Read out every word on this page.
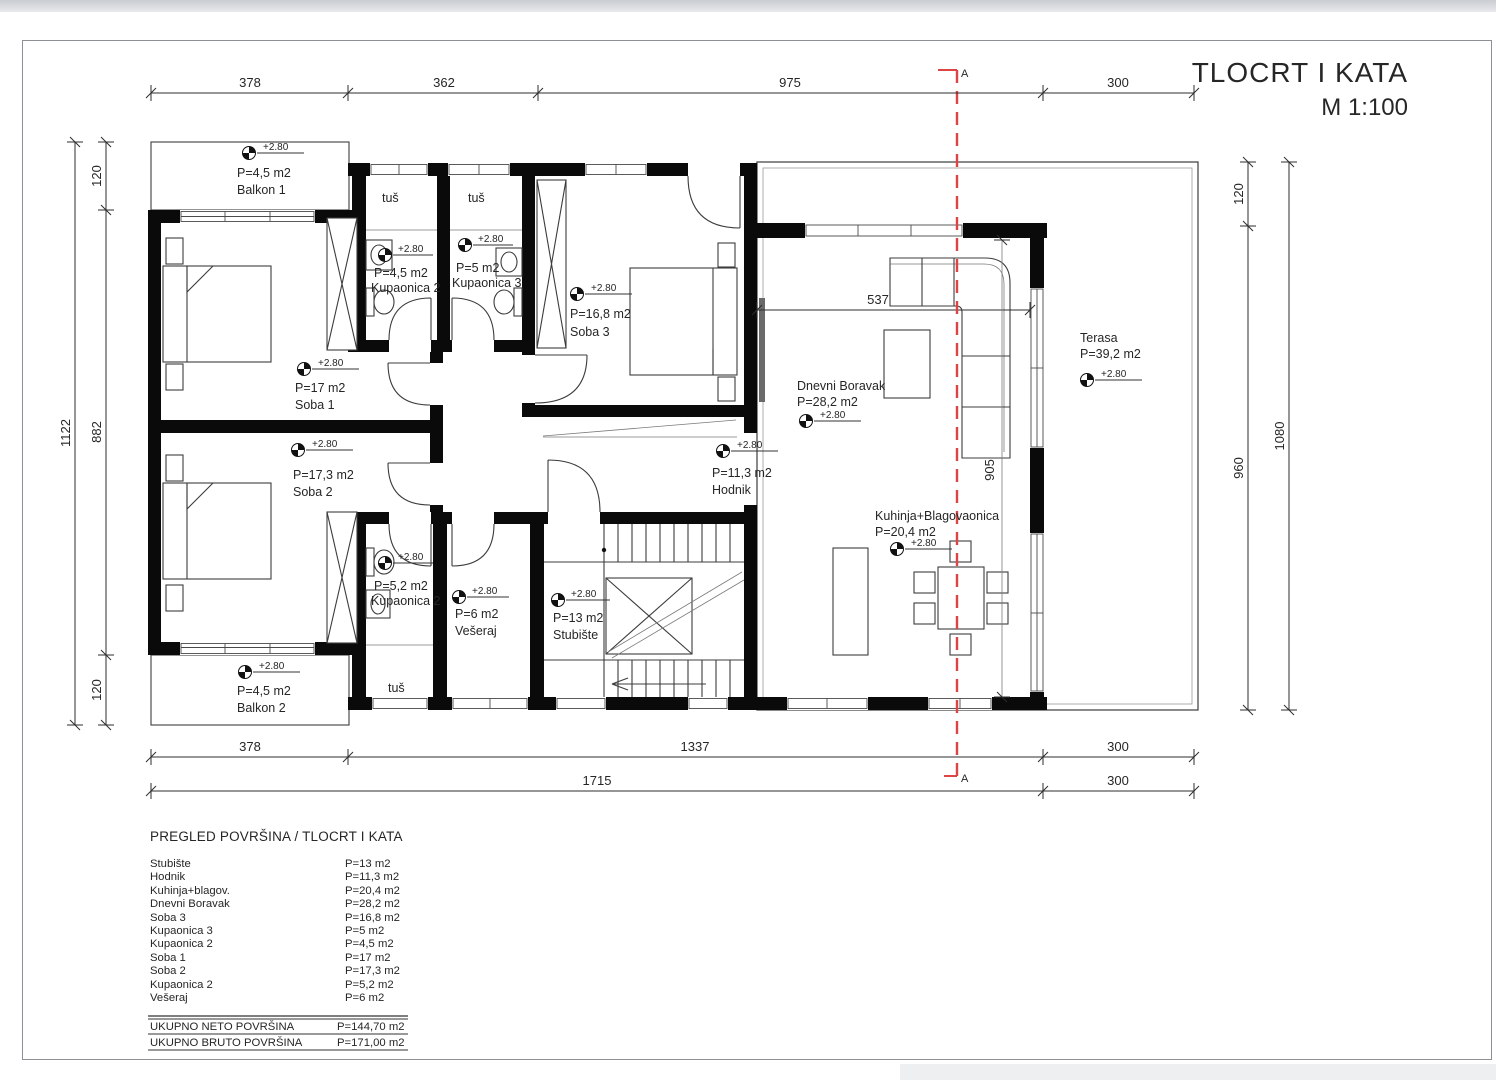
537
905
A
A
378	362	975	300
378	1337	300
1715	300
1122
120
882
120
120
960
1080
+2.80
+2.80
+2.80
+2.80
+2.80
+2.80	+2.80
+2.80
+2.80
+2.80
+2.80
+2.80	+2.80
+2.80
P=4,5 m2
Balkon 1
tuš
P=4,5 m2
Kupaonica 2
tuš
P=5 m2
Kupaonica 3
P=16,8 m2
Soba 3
P=17 m2
Soba 1
P=17,3 m2
Soba 2
P=11,3 m2
Hodnik
Dnevni Boravak
P=28,2 m2
Kuhinja+Blagovaonica
P=20,4 m2
Terasa
P=39,2 m2
P=5,2 m2
Kupaonica 2
tuš
P=6 m2
Vešeraj
P=13 m2
Stubište
P=4,5 m2
Balkon 2
TLOCRT I KATA
M 1:100
PREGLED POVRŠINA / TLOCRT I KATA
Stubište	P=13 m2
Hodnik	P=11,3 m2
Kuhinja+blagov.	P=20,4 m2
Dnevni Boravak	P=28,2 m2
Soba 3	P=16,8 m2
Kupaonica 3	P=5 m2
Kupaonica 2	P=4,5 m2
Soba 1	P=17 m2
Soba 2	P=17,3 m2
Kupaonica 2	P=5,2 m2
Vešeraj	P=6 m2
UKUPNO NETO POVRŠINA	P=144,70 m2
UKUPNO BRUTO POVRŠINA	P=171,00 m2
